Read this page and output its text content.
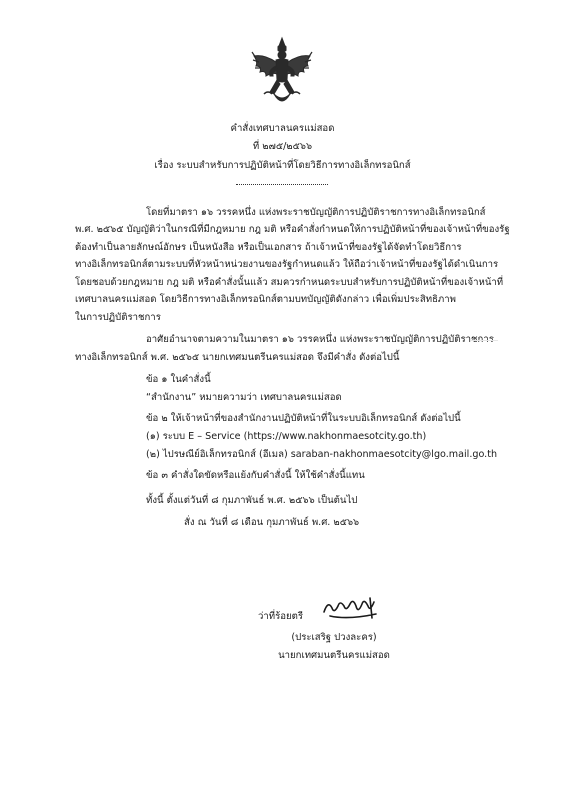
คำสั่งเทศบาลนครแม่สอด
ที่ ๒๗๕/๒๕๖๖
เรื่อง ระบบสำหรับการปฏิบัติหน้าที่โดยวิธีการทางอิเล็กทรอนิกส์
โดยที่มาตรา ๑๖ วรรคหนึ่ง แห่งพระราชบัญญัติการปฏิบัติราชการทางอิเล็กทรอนิกส์
พ.ศ. ๒๕๖๕ บัญญัติว่าในกรณีที่มีกฎหมาย กฎ มติ หรือคำสั่งกำหนดให้การปฏิบัติหน้าที่ของเจ้าหน้าที่ของรัฐ
ต้องทำเป็นลายลักษณ์อักษร เป็นหนังสือ หรือเป็นเอกสาร ถ้าเจ้าหน้าที่ของรัฐได้จัดทำโดยวิธีการ
ทางอิเล็กทรอนิกส์ตามระบบที่หัวหน้าหน่วยงานของรัฐกำหนดแล้ว ให้ถือว่าเจ้าหน้าที่ของรัฐได้ดำเนินการ
โดยชอบด้วยกฎหมาย กฎ มติ หรือคำสั่งนั้นแล้ว สมควรกำหนดระบบสำหรับการปฏิบัติหน้าที่ของเจ้าหน้าที่
เทศบาลนครแม่สอด โดยวิธีการทางอิเล็กทรอนิกส์ตามบทบัญญัติดังกล่าว เพื่อเพิ่มประสิทธิภาพ
ในการปฏิบัติราชการ
อาศัยอำนาจตามความในมาตรา ๑๖ วรรคหนึ่ง แห่งพระราชบัญญัติการปฏิบัติราชการ
ทางอิเล็กทรอนิกส์ พ.ศ. ๒๕๖๕ นายกเทศมนตรีนครแม่สอด จึงมีคำสั่ง ดังต่อไปนี้
ข้อ ๑ ในคำสั่งนี้
“สำนักงาน” หมายความว่า เทศบาลนครแม่สอด
ข้อ ๒ ให้เจ้าหน้าที่ของสำนักงานปฏิบัติหน้าที่ในระบบอิเล็กทรอนิกส์ ดังต่อไปนี้
(๑) ระบบ E – Service (https://www.nakhonmaesotcity.go.th)
(๒) ไปรษณีย์อิเล็กทรอนิกส์ (อีเมล) saraban-nakhonmaesotcity@lgo.mail.go.th
ข้อ ๓ คำสั่งใดขัดหรือแย้งกับคำสั่งนี้ ให้ใช้คำสั่งนี้แทน
ทั้งนี้ ตั้งแต่วันที่ ๘ กุมภาพันธ์ พ.ศ. ๒๕๖๖ เป็นต้นไป
สั่ง ณ วันที่ ๘ เดือน กุมภาพันธ์ พ.ศ. ๒๕๖๖
ว่าที่ร้อยตรี
(ประเสริฐ ปวงละคร)
นายกเทศมนตรีนครแม่สอด
